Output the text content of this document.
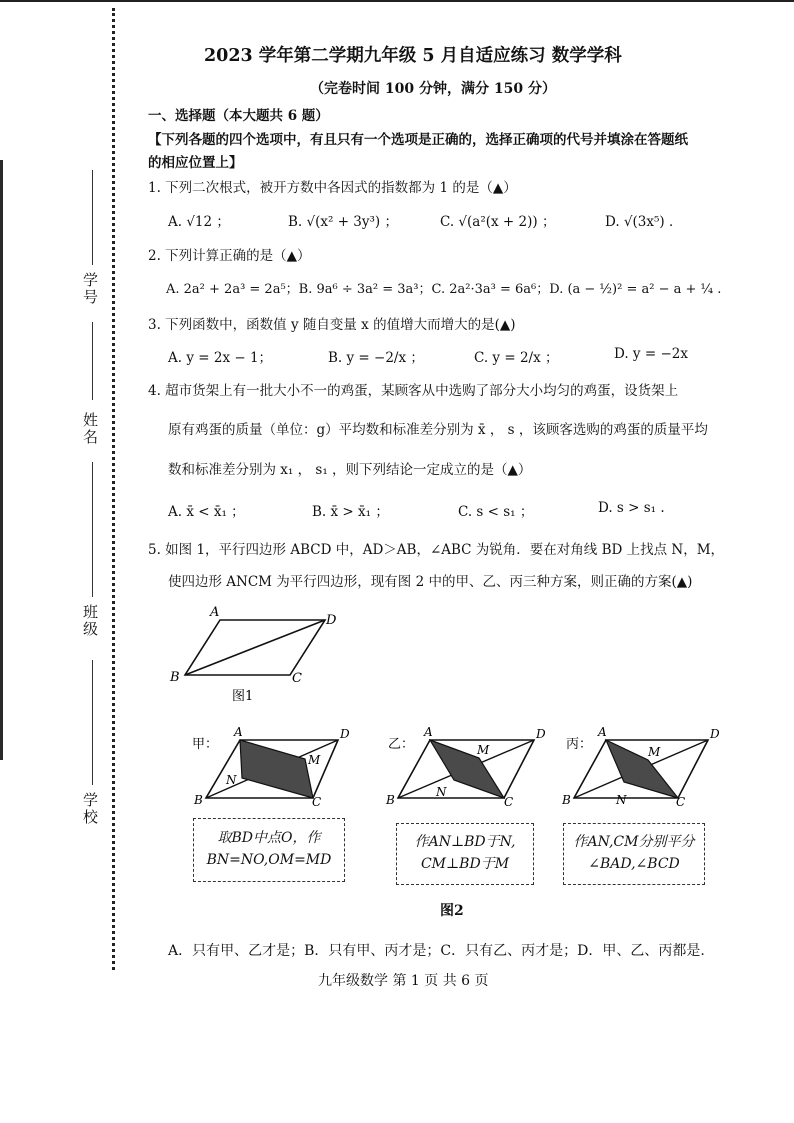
学号
姓名
班级
学校
2023 学年第二学期九年级 5 月自适应练习 数学学科
（完卷时间 100 分钟，满分 150 分）
一、选择题（本大题共 6 题）
【下列各题的四个选项中，有且只有一个选项是正确的，选择正确项的代号并填涂在答题纸
的相应位置上】
1. 下列二次根式，被开方数中各因式的指数都为 1 的是（▲）
A. √12 ；	B. √(x² + 3y³) ；	C. √(a²(x + 2)) ；	D. √(3x⁵) ．
2. 下列计算正确的是（▲）
A. 2a² + 2a³ = 2a⁵；B. 9a⁶ ÷ 3a² = 3a³；C. 2a²·3a³ = 6a⁶；D. (a − ½)² = a² − a + ¼ .
3. 下列函数中，函数值 y 随自变量 x 的值增大而增大的是(▲)
A. y = 2x − 1；	B. y = −2/x ；	C. y = 2/x ；	D. y = −2x
4. 超市货架上有一批大小不一的鸡蛋，某顾客从中选购了部分大小均匀的鸡蛋，设货架上
原有鸡蛋的质量（单位：g）平均数和标准差分别为 x̄ ， s ，该顾客选购的鸡蛋的质量平均
数和标准差分别为 x₁ ， s₁ ，则下列结论一定成立的是（▲）
A. x̄ < x̄₁ ；	B. x̄ > x̄₁ ；	C. s < s₁ ；	D. s > s₁ .
5. 如图 1，平行四边形 ABCD 中，AD＞AB，∠ABC 为锐角．要在对角线 BD 上找点 N，M，
使四边形 ANCM 为平行四边形，现有图 2 中的甲、乙、丙三种方案，则正确的方案(▲)
A
D
B	C
图1
甲：
A	D
B	C
M
N
乙：
A	D
B	C
M
N
丙：
A	D
B	C
M
N
取BD中点O，作
BN=NO,OM=MD
作AN⊥BD于N,
CM⊥BD于M
作AN,CM分别平分
∠BAD,∠BCD
图2
A．只有甲、乙才是；B．只有甲、丙才是；C．只有乙、丙才是；D．甲、乙、丙都是.
九年级数学 第 1 页 共 6 页
